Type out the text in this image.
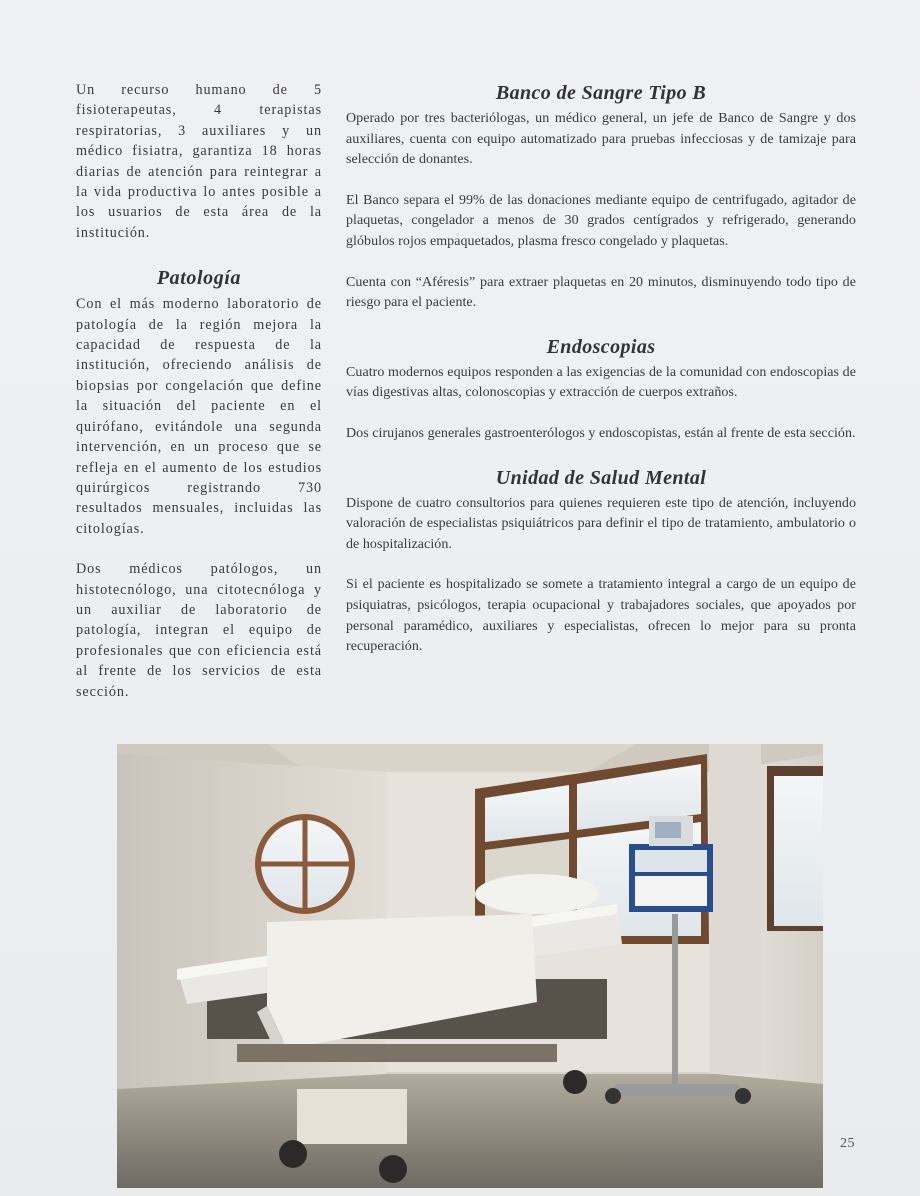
Un recurso humano de 5 fisioterapeutas, 4 terapistas respiratorias, 3 auxiliares y un médico fisiatra, garantiza 18 horas diarias de atención para reintegrar a la vida productiva lo antes posible a los usuarios de esta área de la institución.

Patología

Con el más moderno laboratorio de patología de la región mejora la capacidad de respuesta de la institución, ofreciendo análisis de biopsias por congelación que define la situación del paciente en el quirófano, evitándole una segunda intervención, en un proceso que se refleja en el aumento de los estudios quirúrgicos registrando 730 resultados mensuales, incluidas las citologías.

Dos médicos patólogos, un histotecnólogo, una citotecnóloga y un auxiliar de laboratorio de patología, integran el equipo de profesionales que con eficiencia está al frente de los servicios de esta sección.

Banco de Sangre Tipo B

Operado por tres bacteriólogas, un médico general, un jefe de Banco de Sangre y dos auxiliares, cuenta con equipo automatizado para pruebas infecciosas y de tamizaje para selección de donantes.

El Banco separa el 99% de las donaciones mediante equipo de centrifugado, agitador de plaquetas, congelador a menos de 30 grados centígrados y refrigerado, generando glóbulos rojos empaquetados, plasma fresco congelado y plaquetas.

Cuenta con “Aféresis” para extraer plaquetas en 20 minutos, disminuyendo todo tipo de riesgo para el paciente.

Endoscopias

Cuatro modernos equipos responden a las exigencias de la comunidad con endoscopias de vías digestivas altas, colonoscopias y extracción de cuerpos extraños.

Dos cirujanos generales gastroenterólogos y endoscopistas, están al frente de esta sección.

Unidad de Salud Mental

Dispone de cuatro consultorios para quienes requieren este tipo de atención, incluyendo valoración de especialistas psiquiátricos para definir el tipo de tratamiento, ambulatorio o de hospitalización.

Si el paciente es hospitalizado se somete a tratamiento integral a cargo de un equipo de psiquiatras, psicólogos, terapia ocupacional y trabajadores sociales, que apoyados por personal paramédico, auxiliares y especialistas, ofrecen lo mejor para su pronta recuperación.

25
